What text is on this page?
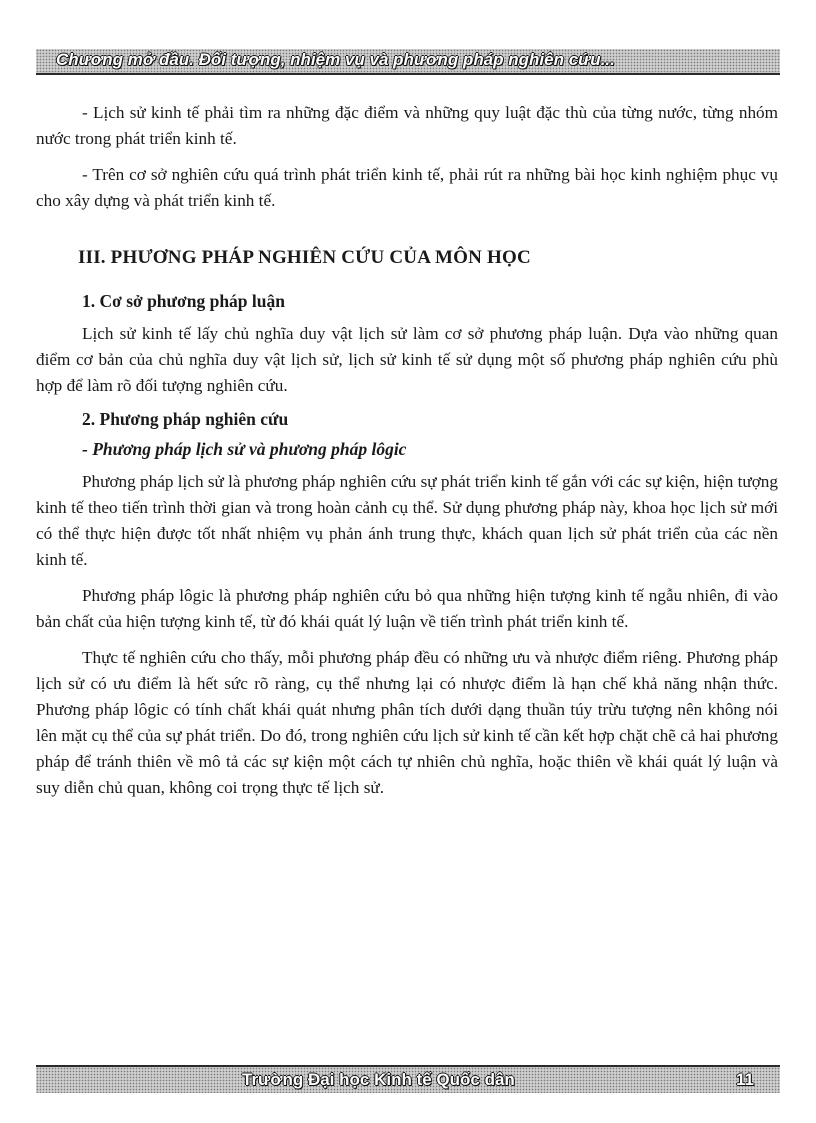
Chương mở đầu. Đối tượng, nhiệm vụ và phương pháp nghiên cứu...

- Lịch sử kinh tế phải tìm ra những đặc điểm và những quy luật đặc thù của từng nước, từng nhóm nước trong phát triển kinh tế.

- Trên cơ sở nghiên cứu quá trình phát triển kinh tế, phải rút ra những bài học kinh nghiệm phục vụ cho xây dựng và phát triển kinh tế.

III. PHƯƠNG PHÁP NGHIÊN CỨU CỦA MÔN HỌC
1. Cơ sở phương pháp luận

Lịch sử kinh tế lấy chủ nghĩa duy vật lịch sử làm cơ sở phương pháp luận. Dựa vào những quan điểm cơ bản của chủ nghĩa duy vật lịch sử, lịch sử kinh tế sử dụng một số phương pháp nghiên cứu phù hợp để làm rõ đối tượng nghiên cứu.

2. Phương pháp nghiên cứu
- Phương pháp lịch sử và phương pháp lôgic

Phương pháp lịch sử là phương pháp nghiên cứu sự phát triển kinh tế gắn với các sự kiện, hiện tượng kinh tế theo tiến trình thời gian và trong hoàn cảnh cụ thể. Sử dụng phương pháp này, khoa học lịch sử mới có thể thực hiện được tốt nhất nhiệm vụ phản ánh trung thực, khách quan lịch sử phát triển của các nền kinh tế.

Phương pháp lôgic là phương pháp nghiên cứu bỏ qua những hiện tượng kinh tế ngẫu nhiên, đi vào bản chất của hiện tượng kinh tế, từ đó khái quát lý luận về tiến trình phát triển kinh tế.

Thực tế nghiên cứu cho thấy, mỗi phương pháp đều có những ưu và nhược điểm riêng. Phương pháp lịch sử có ưu điểm là hết sức rõ ràng, cụ thể nhưng lại có nhược điểm là hạn chế khả năng nhận thức. Phương pháp lôgic có tính chất khái quát nhưng phân tích dưới dạng thuần túy trừu tượng nên không nói lên mặt cụ thể của sự phát triển. Do đó, trong nghiên cứu lịch sử kinh tế cần kết hợp chặt chẽ cả hai phương pháp để tránh thiên về mô tả các sự kiện một cách tự nhiên chủ nghĩa, hoặc thiên về khái quát lý luận và suy diễn chủ quan, không coi trọng thực tế lịch sử.

Trường Đại học Kinh tế Quốc dân	11
